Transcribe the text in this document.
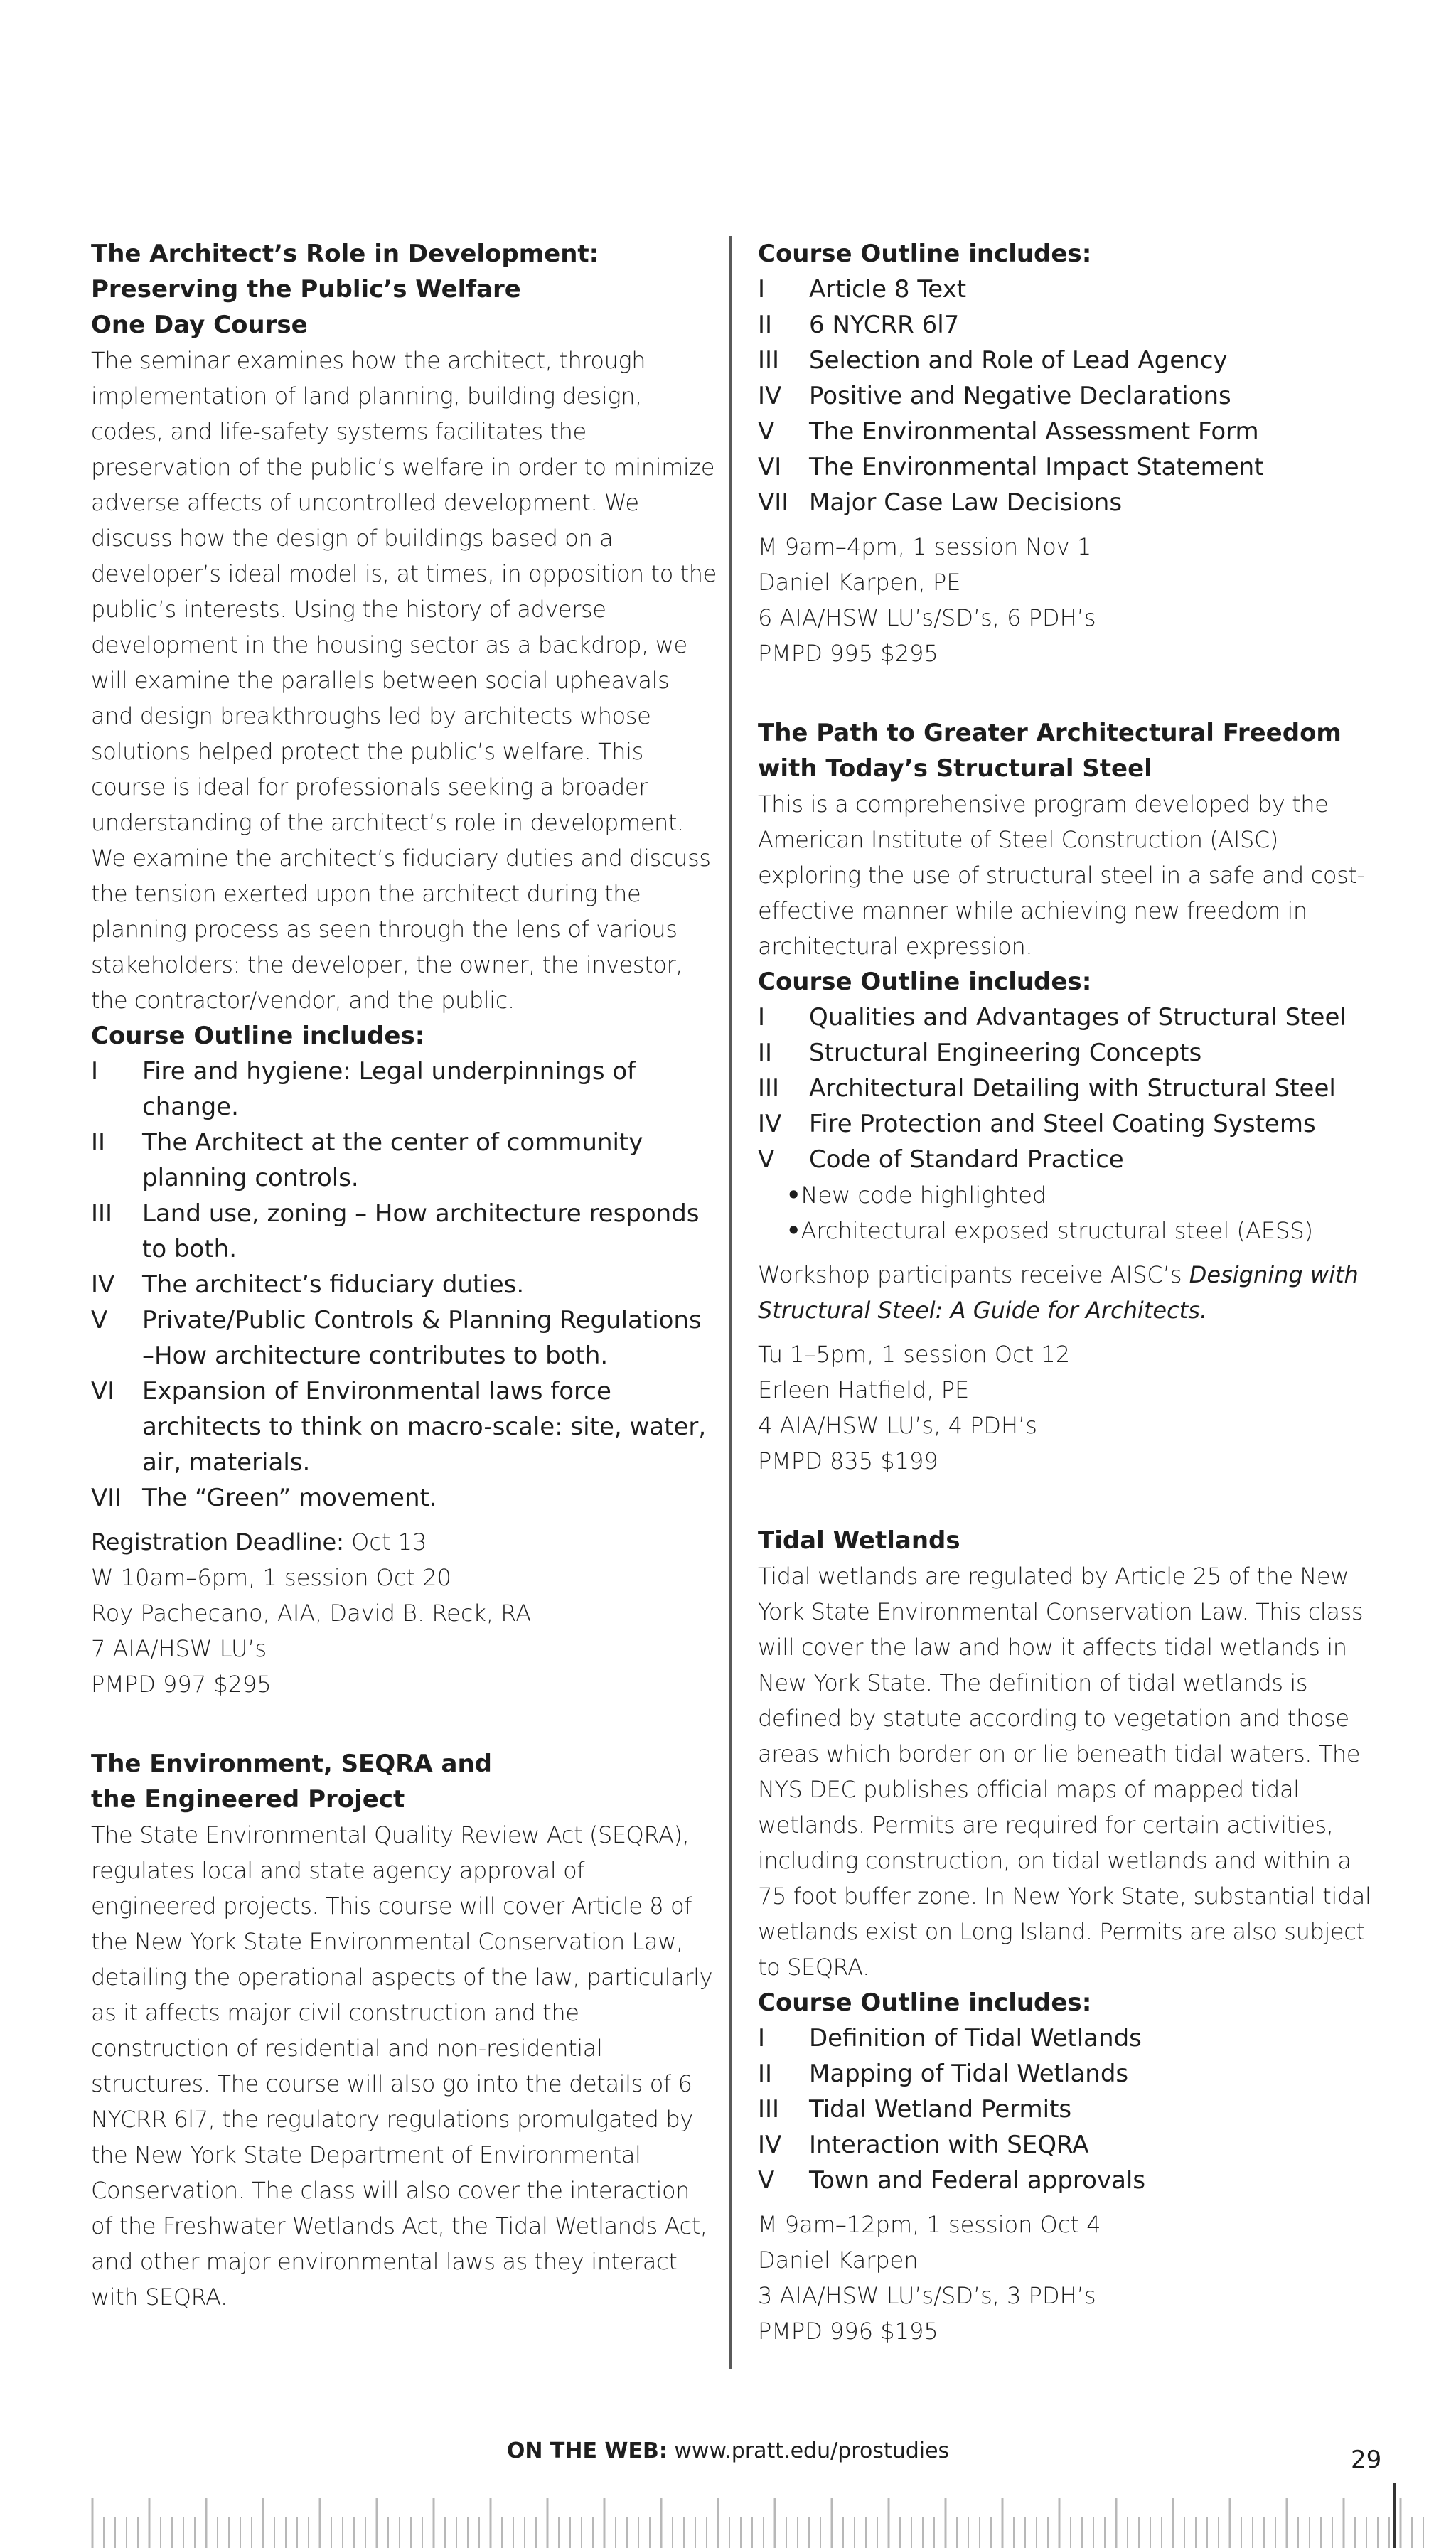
The Architect’s Role in Development:
Preserving the Public’s Welfare
One Day Course
The seminar examines how the architect, through implementation of land planning, building design, codes, and life-safety systems facilitates the preservation of the public’s welfare in order to minimize adverse affects of uncontrolled development. We discuss how the design of buildings based on a developer’s ideal model is, at times, in opposition to the public’s interests. Using the history of adverse development in the housing sector as a backdrop, we will examine the parallels between social upheavals and design breakthroughs led by architects whose solutions helped protect the public’s welfare. This course is ideal for professionals seeking a broader understanding of the architect’s role in development. We examine the architect’s fiduciary duties and discuss the tension exerted upon the architect during the planning process as seen through the lens of various stakeholders: the developer, the owner, the investor, the contractor/vendor, and the public.
Course Outline includes:
I	Fire and hygiene: Legal underpinnings of change.
II	The Architect at the center of community planning controls.
III	Land use, zoning – How architecture responds to both.
IV	The architect’s fiduciary duties.
V	Private/Public Controls & Planning Regulations –How architecture contributes to both.
VI	Expansion of Environmental laws force architects to think on macro-scale: site, water, air, materials.
VII The “Green” movement.
Registration Deadline: Oct 13
W 10am–6pm, 1 session Oct 20
Roy Pachecano, AIA, David B. Reck, RA
7 AIA/HSW LU’s
PMPD 997 $295
The Environment, SEQRA and
the Engineered Project
The State Environmental Quality Review Act (SEQRA), regulates local and state agency approval of engineered projects. This course will cover Article 8 of the New York State Environmental Conservation Law, detailing the operational aspects of the law, particularly as it affects major civil construction and the construction of residential and non-residential structures. The course will also go into the details of 6 NYCRR 6l7, the regulatory regulations promulgated by the New York State Department of Environmental Conservation. The class will also cover the interaction of the Freshwater Wetlands Act, the Tidal Wetlands Act, and other major environmental laws as they interact with SEQRA.
Course Outline includes:
I	Article 8 Text
II	6 NYCRR 6l7
III	Selection and Role of Lead Agency
IV	Positive and Negative Declarations
V	The Environmental Assessment Form
VI	The Environmental Impact Statement
VII Major Case Law Decisions
M 9am–4pm, 1 session Nov 1
Daniel Karpen, PE
6 AIA/HSW LU’s/SD’s, 6 PDH’s
PMPD 995 $295
The Path to Greater Architectural Freedom
with Today’s Structural Steel
This is a comprehensive program developed by the American Institute of Steel Construction (AISC) exploring the use of structural steel in a safe and cost-effective manner while achieving new freedom in architectural expression.
Course Outline includes:
I	Qualities and Advantages of Structural Steel
II	Structural Engineering Concepts
III	Architectural Detailing with Structural Steel
IV	Fire Protection and Steel Coating Systems
V	Code of Standard Practice
• New code highlighted
• Architectural exposed structural steel (AESS)
Workshop participants receive AISC’s Designing with Structural Steel: A Guide for Architects.
Tu 1–5pm, 1 session Oct 12
Erleen Hatfield, PE
4 AIA/HSW LU’s, 4 PDH’s
PMPD 835 $199
Tidal Wetlands
Tidal wetlands are regulated by Article 25 of the New York State Environmental Conservation Law. This class will cover the law and how it affects tidal wetlands in New York State. The definition of tidal wetlands is defined by statute according to vegetation and those areas which border on or lie beneath tidal waters. The NYS DEC publishes official maps of mapped tidal wetlands. Permits are required for certain activities, including construction, on tidal wetlands and within a 75 foot buffer zone. In New York State, substantial tidal wetlands exist on Long Island. Permits are also subject to SEQRA.
Course Outline includes:
I	Definition of Tidal Wetlands
II	Mapping of Tidal Wetlands
III	Tidal Wetland Permits
IV	Interaction with SEQRA
V	Town and Federal approvals
M 9am–12pm, 1 session Oct 4
Daniel Karpen
3 AIA/HSW LU’s/SD’s, 3 PDH’s
PMPD 996 $195
ON THE WEB: www.pratt.edu/prostudies	29
